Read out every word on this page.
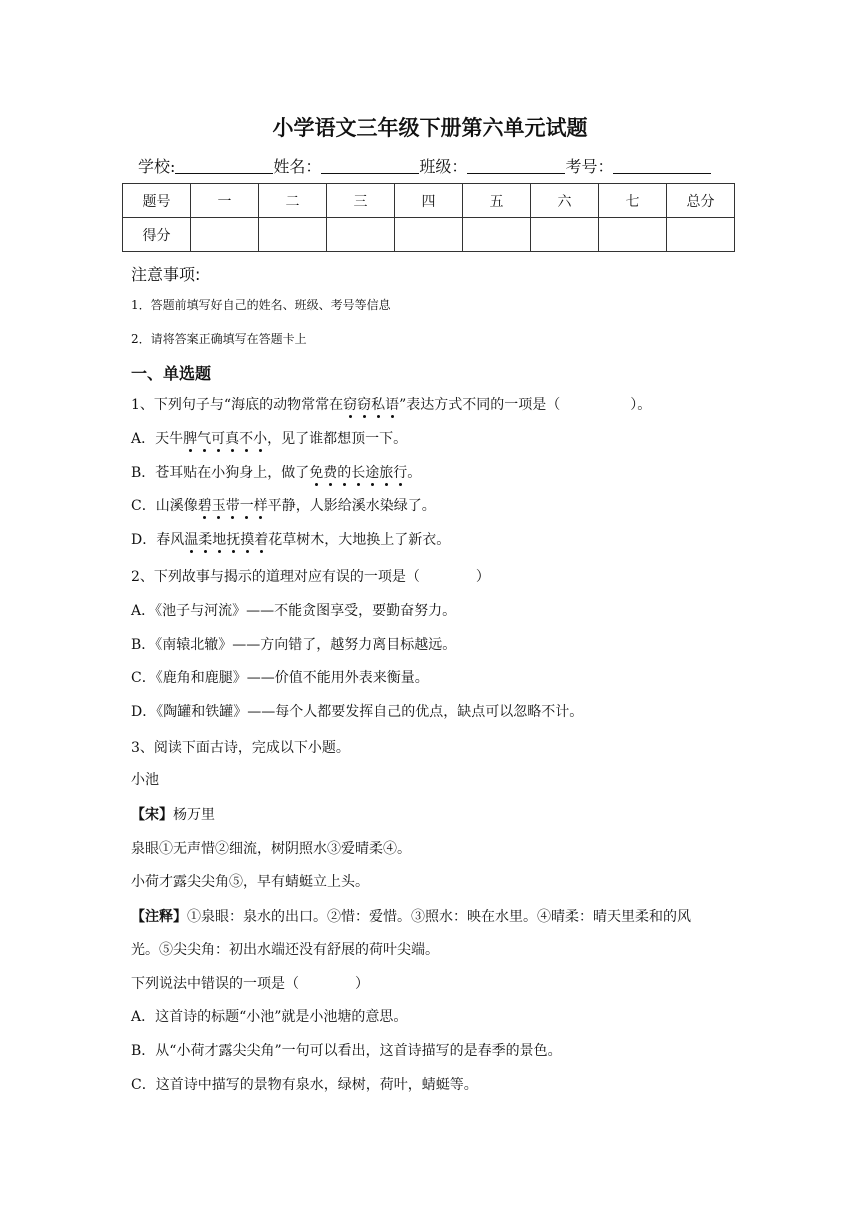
小学语文三年级下册第六单元试题
学校:	姓名：	班级：	考号：
题号	一	二	三	四	五	六	七	总分
得分								
注意事项:
1．答题前填写好自己的姓名、班级、考号等信息
2．请将答案正确填写在答题卡上
一、单选题
1、下列句子与“海底的动物常常在窃窃私语”表达方式不同的一项是（　　　　　）。
A．天牛脾气可真不小，见了谁都想顶一下。
B．苍耳贴在小狗身上，做了免费的长途旅行。
C．山溪像碧玉带一样平静，人影给溪水染绿了。
D．春风温柔地抚摸着花草树木，大地换上了新衣。
2、下列故事与揭示的道理对应有误的一项是（　　　　）
A．《池子与河流》——不能贪图享受，要勤奋努力。
B．《南辕北辙》——方向错了，越努力离目标越远。
C．《鹿角和鹿腿》——价值不能用外表来衡量。
D．《陶罐和铁罐》——每个人都要发挥自己的优点，缺点可以忽略不计。
3、阅读下面古诗，完成以下小题。
小池
【宋】杨万里
泉眼①无声惜②细流，树阴照水③爱晴柔④。
小荷才露尖尖角⑤，早有蜻蜓立上头。
【注释】①泉眼：泉水的出口。②惜：爱惜。③照水：映在水里。④晴柔：晴天里柔和的风
光。⑤尖尖角：初出水端还没有舒展的荷叶尖端。
下列说法中错误的一项是（　　　　）
A．这首诗的标题“小池”就是小池塘的意思。
B．从“小荷才露尖尖角”一句可以看出，这首诗描写的是春季的景色。
C．这首诗中描写的景物有泉水，绿树，荷叶，蜻蜓等。
